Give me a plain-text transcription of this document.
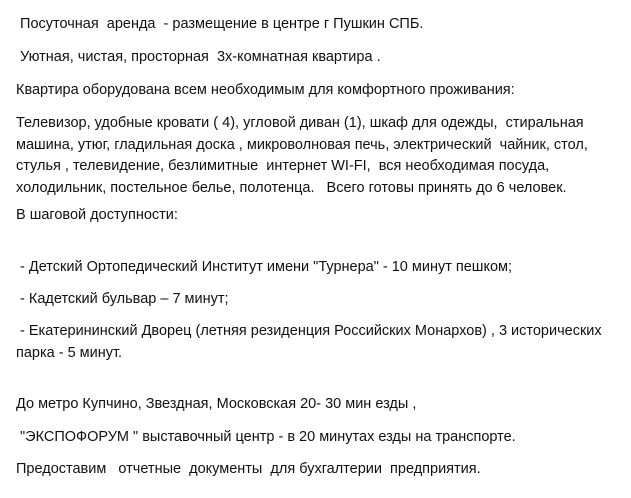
Посуточная  аренда  - размещение в центре г Пушкин СПБ.

Уютная, чистая, просторная  3х-комнатная квартира .

Квартира оборудована всем необходимым для комфортного проживания:

Телевизор, удобные кровати ( 4), угловой диван (1), шкаф для одежды,  стиральная машина, утюг, гладильная доска , микроволновая печь, электрический  чайник, стол, стулья , телевидение, безлимитные  интернет WI-FI,  вся необходимая посуда, холодильник, постельное белье, полотенца.   Всего готовы принять до 6 человек.

В шаговой доступности:

- Детский Ортопедический Институт имени "Турнера" - 10 минут пешком;

- Кадетский бульвар – 7 минут;

- Екатерининский Дворец (летняя резиденция Российских Монархов) , 3 исторических парка - 5 минут.

До метро Купчино, Звездная, Московская 20- 30 мин езды ,

"ЭКСПОФОРУМ " выставочный центр - в 20 минутах езды на транспорте.

Предоставим   отчетные  документы  для бухгалтерии  предприятия.
